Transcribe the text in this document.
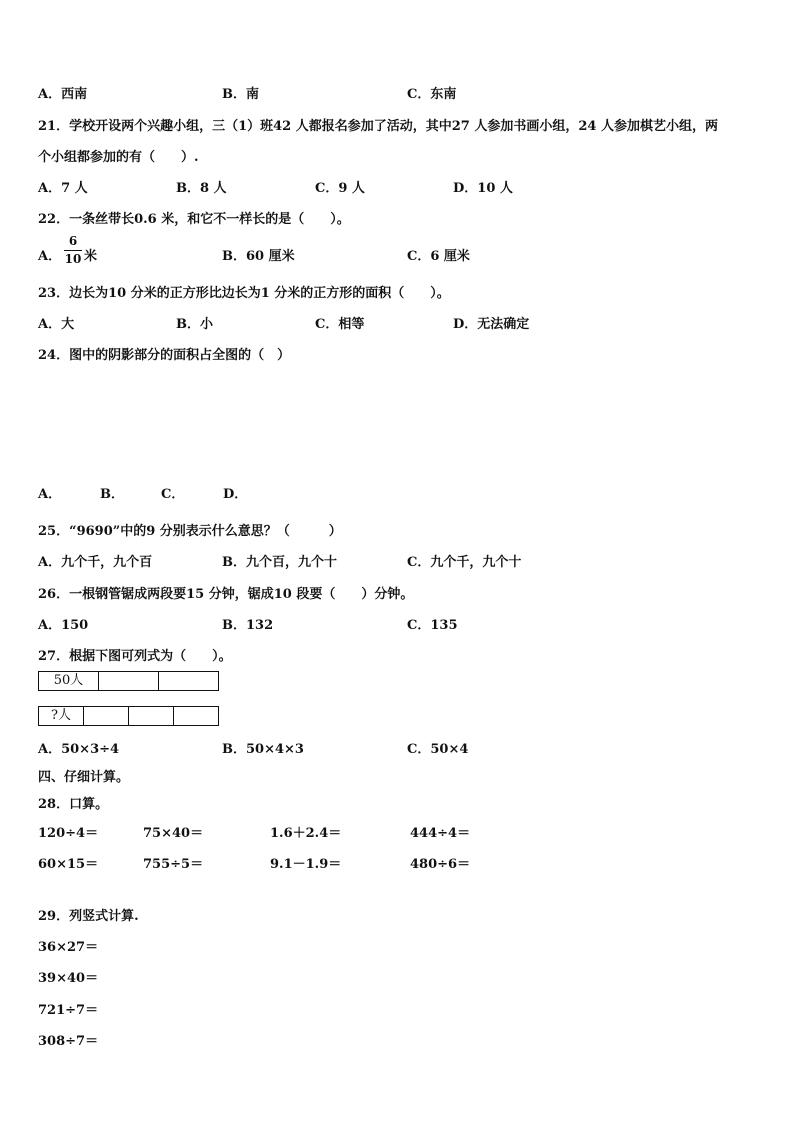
A．西南	B．南	C．东南
21．学校开设两个兴趣小组，三（1）班42 人都报名参加了活动，其中27 人参加书画小组，24 人参加棋艺小组，两
个小组都参加的有（　　）.
A．7 人	B．8 人	C．9 人	D．10 人
22．一条丝带长0.6 米，和它不一样长的是（　　）。
A．
6
10 米	B．60 厘米	C．6 厘米
23．边长为10 分米的正方形比边长为1 分米的正方形的面积（　　）。
A．大	B．小	C．相等	D．无法确定
24．图中的阴影部分的面积占全图的（　）
A．	B．	C．	D．
25．“9690”中的9 分别表示什么意思？（　　　）
A．九个千，九个百	B．九个百，九个十	C．九个千，九个十
26．一根钢管锯成两段要15 分钟，锯成10 段要（　　）分钟。
A．150	B．132	C．135
27．根据下图可列式为（　　）。
50人
?人
A．50×3÷4	B．50×4×3	C．50×4
四、仔细计算。
28．口算。
120÷4＝	75×40＝	1.6＋2.4＝	444÷4＝
60×15＝	755÷5＝	9.1－1.9＝	480÷6＝
29．列竖式计算.
36×27＝
39×40＝
721÷7＝
308÷7＝
